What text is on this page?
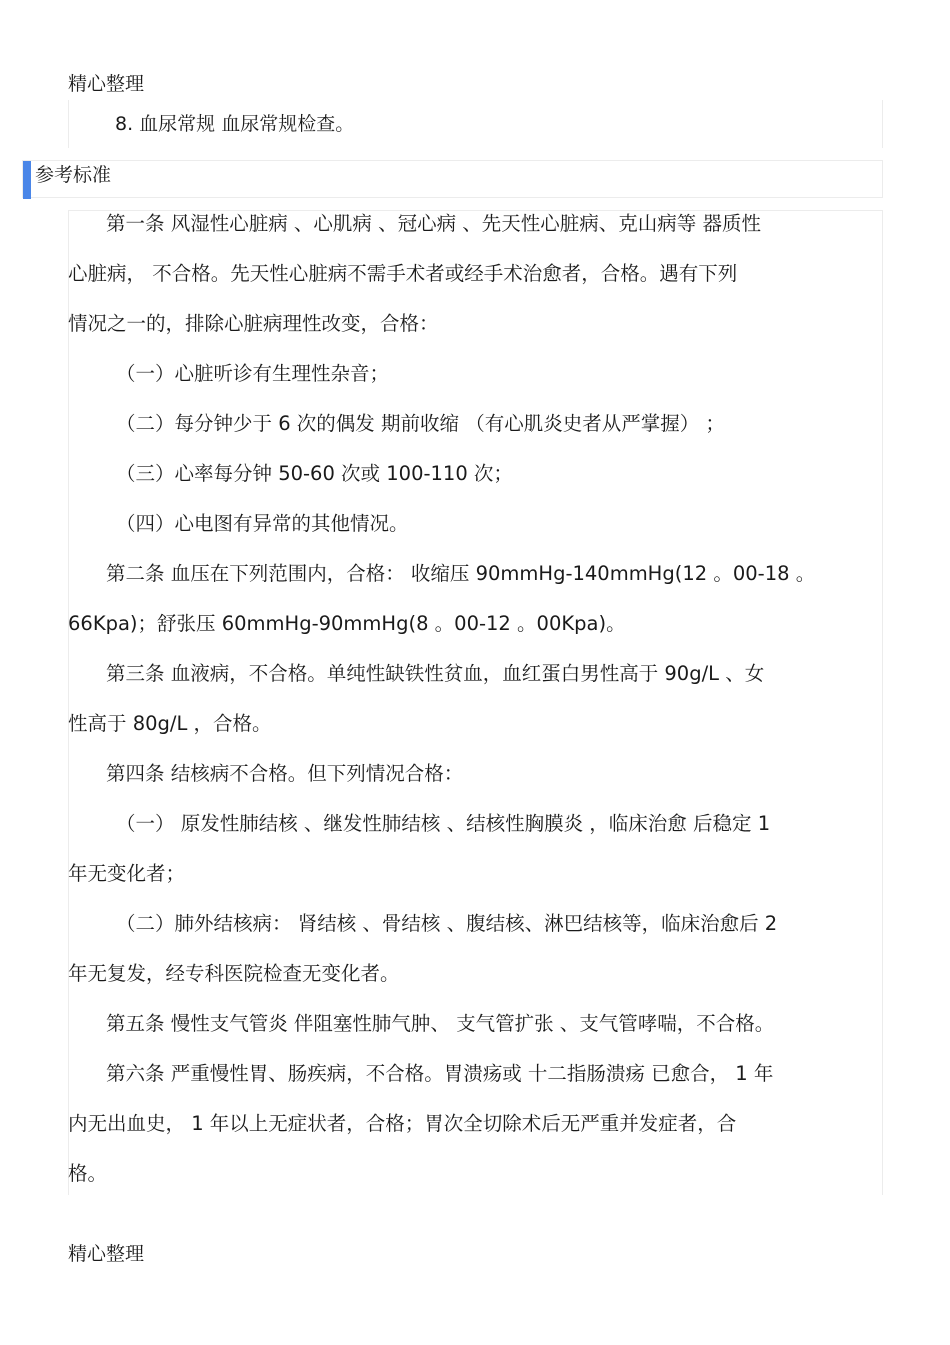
精心整理
8. 血尿常规 血尿常规检查。
参考标准
第一条 风湿性心脏病 、心肌病 、冠心病 、先天性心脏病、克山病等 器质性
心脏病， 不合格。先天性心脏病不需手术者或经手术治愈者，合格。遇有下列
情况之一的，排除心脏病理性改变，合格：
（一）心脏听诊有生理性杂音；
（二）每分钟少于 6 次的偶发 期前收缩 （有心肌炎史者从严掌握） ；
（三）心率每分钟 50-60 次或 100-110 次；
（四）心电图有异常的其他情况。
第二条 血压在下列范围内，合格： 收缩压 90mmHg-140mmHg(12 。00-18 。
66Kpa)；舒张压 60mmHg-90mmHg(8 。00-12 。00Kpa)。
第三条 血液病，不合格。单纯性缺铁性贫血，血红蛋白男性高于 90g/L 、女
性高于 80g/L ，合格。
第四条 结核病不合格。但下列情况合格：
（一） 原发性肺结核 、继发性肺结核 、结核性胸膜炎 ，临床治愈 后稳定 1
年无变化者；
（二）肺外结核病： 肾结核 、骨结核 、腹结核、淋巴结核等，临床治愈后 2
年无复发，经专科医院检查无变化者。
第五条 慢性支气管炎 伴阻塞性肺气肿、 支气管扩张 、支气管哮喘，不合格。
第六条 严重慢性胃、肠疾病，不合格。胃溃疡或 十二指肠溃疡 已愈合， 1 年
内无出血史， 1 年以上无症状者，合格；胃次全切除术后无严重并发症者，合
格。
精心整理
